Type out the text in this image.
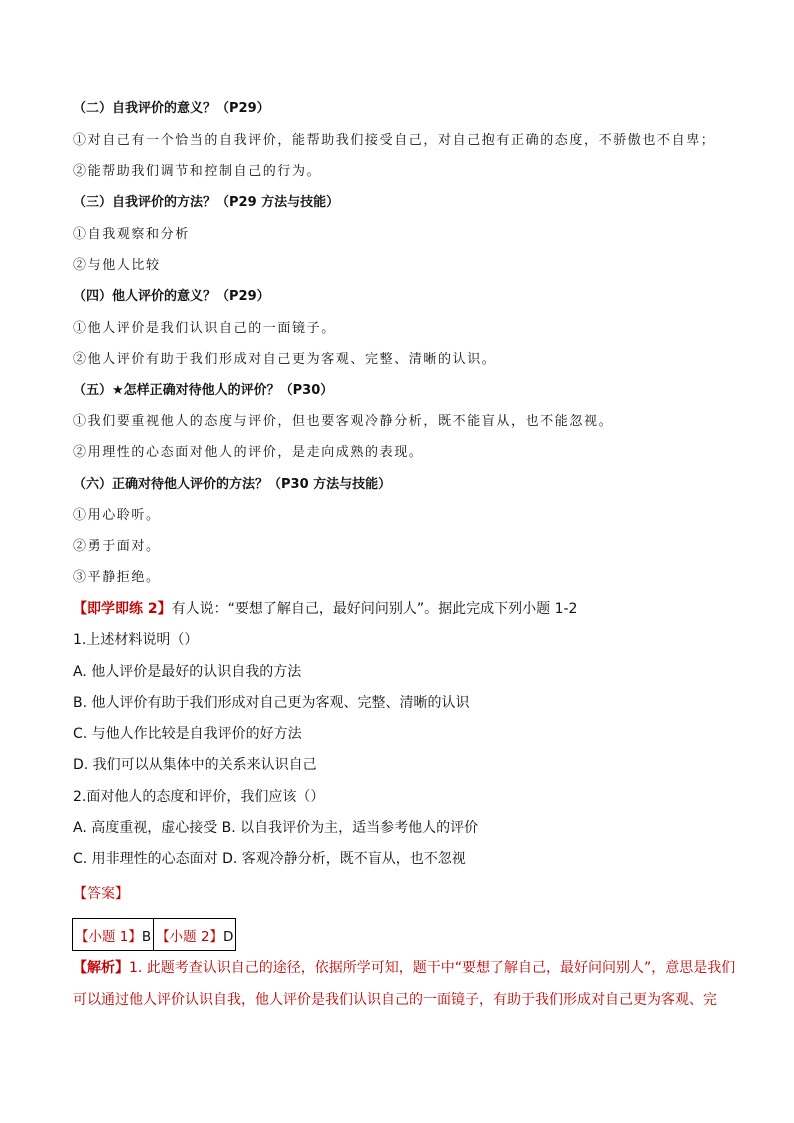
（二）自我评价的意义？（P29）
①对自己有一个恰当的自我评价，能帮助我们接受自己，对自己抱有正确的态度，不骄傲也不自卑；
②能帮助我们调节和控制自己的行为。
（三）自我评价的方法？（P29 方法与技能）
①自我观察和分析
②与他人比较
（四）他人评价的意义？（P29）
①他人评价是我们认识自己的一面镜子。
②他人评价有助于我们形成对自己更为客观、完整、清晰的认识。
（五）★怎样正确对待他人的评价？（P30）
①我们要重视他人的态度与评价，但也要客观冷静分析，既不能盲从，也不能忽视。
②用理性的心态面对他人的评价，是走向成熟的表现。
（六）正确对待他人评价的方法？（P30 方法与技能）
①用心聆听。
②勇于面对。
③平静拒绝。
【即学即练 2】有人说：“要想了解自己，最好问问别人”。据此完成下列小题 1-2
1.上述材料说明（）
A. 他人评价是最好的认识自我的方法
B. 他人评价有助于我们形成对自己更为客观、完整、清晰的认识
C. 与他人作比较是自我评价的好方法
D. 我们可以从集体中的关系来认识自己
2.面对他人的态度和评价，我们应该（）
A. 高度重视，虚心接受 B. 以自我评价为主，适当参考他人的评价
C. 用非理性的心态面对 D. 客观冷静分析，既不盲从，也不忽视
【答案】
【小题 1】B	【小题 2】D
【解析】1. 此题考查认识自己的途径，依据所学可知，题干中“要想了解自己，最好问问别人”，意思是我们
可以通过他人评价认识自我，他人评价是我们认识自己的一面镜子，有助于我们形成对自己更为客观、完
